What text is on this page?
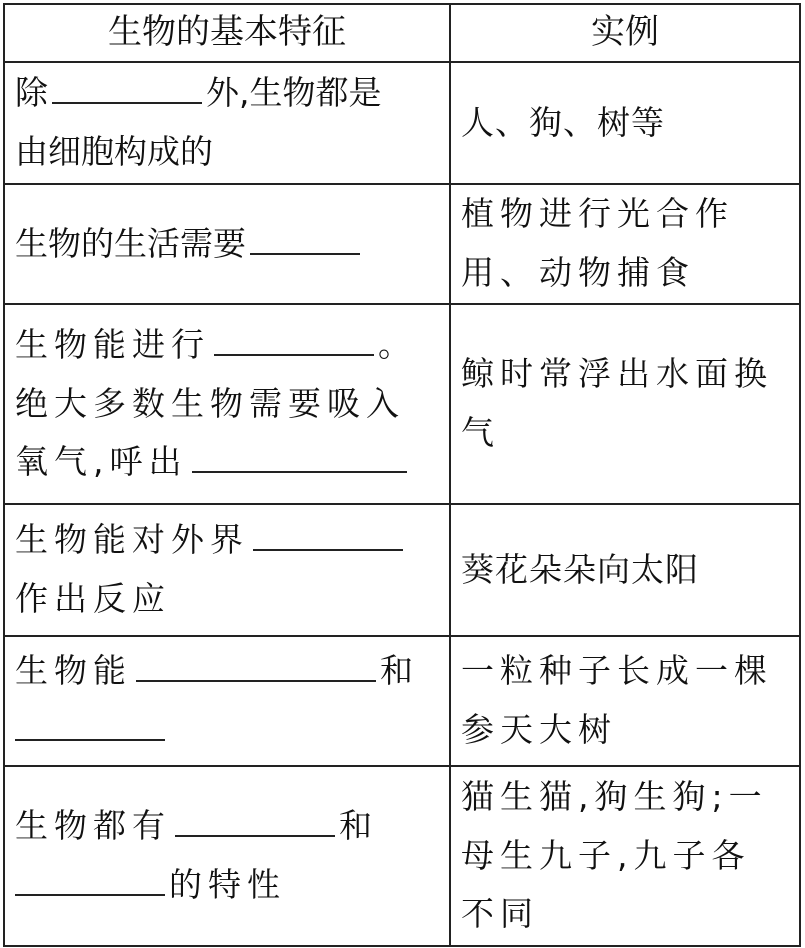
生物的基本特征	实例
除 外,生物都是
由细胞构成的	人、狗、树等
生物的生活需要	植物进行光合作用、动物捕食
生物能进行 。
绝大多数生物需要吸入
氧气,呼出	鲸时常浮出水面换气
生物能对外界
作出反应	葵花朵朵向太阳
生物能 和	一粒种子长成一棵参天大树
生物都有 和
的特性	猫生猫,狗生狗;一母生九子,九子各不同
